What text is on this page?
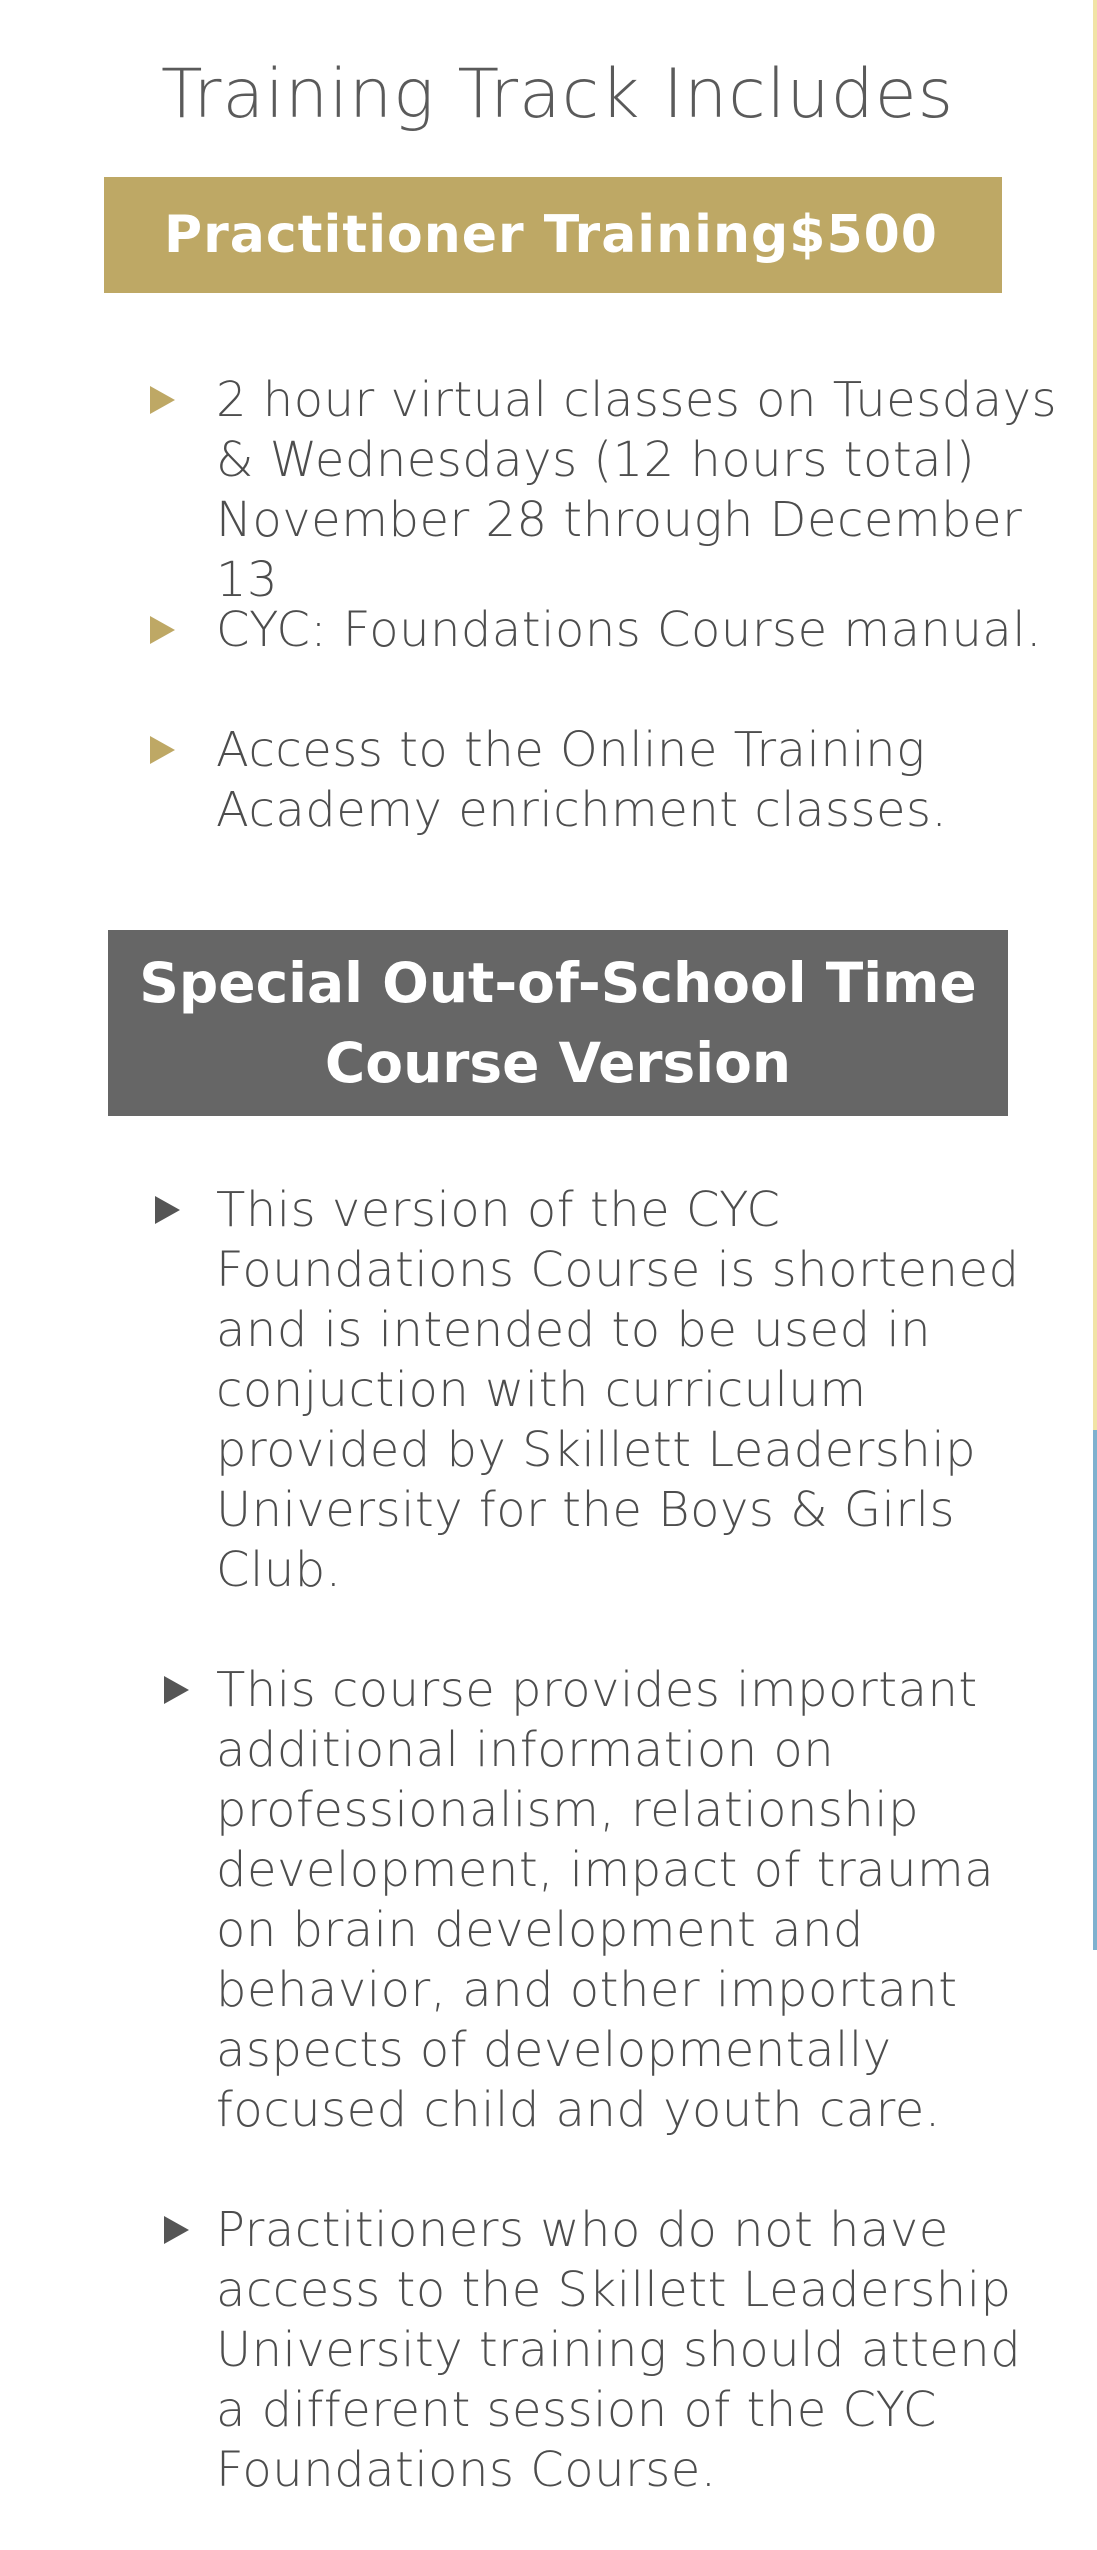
Training Track Includes
Practitioner Training $500

2 hour virtual classes on Tuesdays
& Wednesdays (12 hours total)
November 28 through December 13

CYC: Foundations Course manual.

Access to the Online Training
Academy enrichment classes.

Special Out-of-School Time
Course Version

This version of the CYC
Foundations Course is shortened
and is intended to be used in
conjuction with curriculum
provided by Skillett Leadership
University for the Boys & Girls
Club.

This course provides important
additional information on
professionalism, relationship
development, impact of trauma
on brain development and
behavior, and other important
aspects of developmentally
focused child and youth care.

Practitioners who do not have
access to the Skillett Leadership
University training should attend
a different session of the CYC
Foundations Course.
